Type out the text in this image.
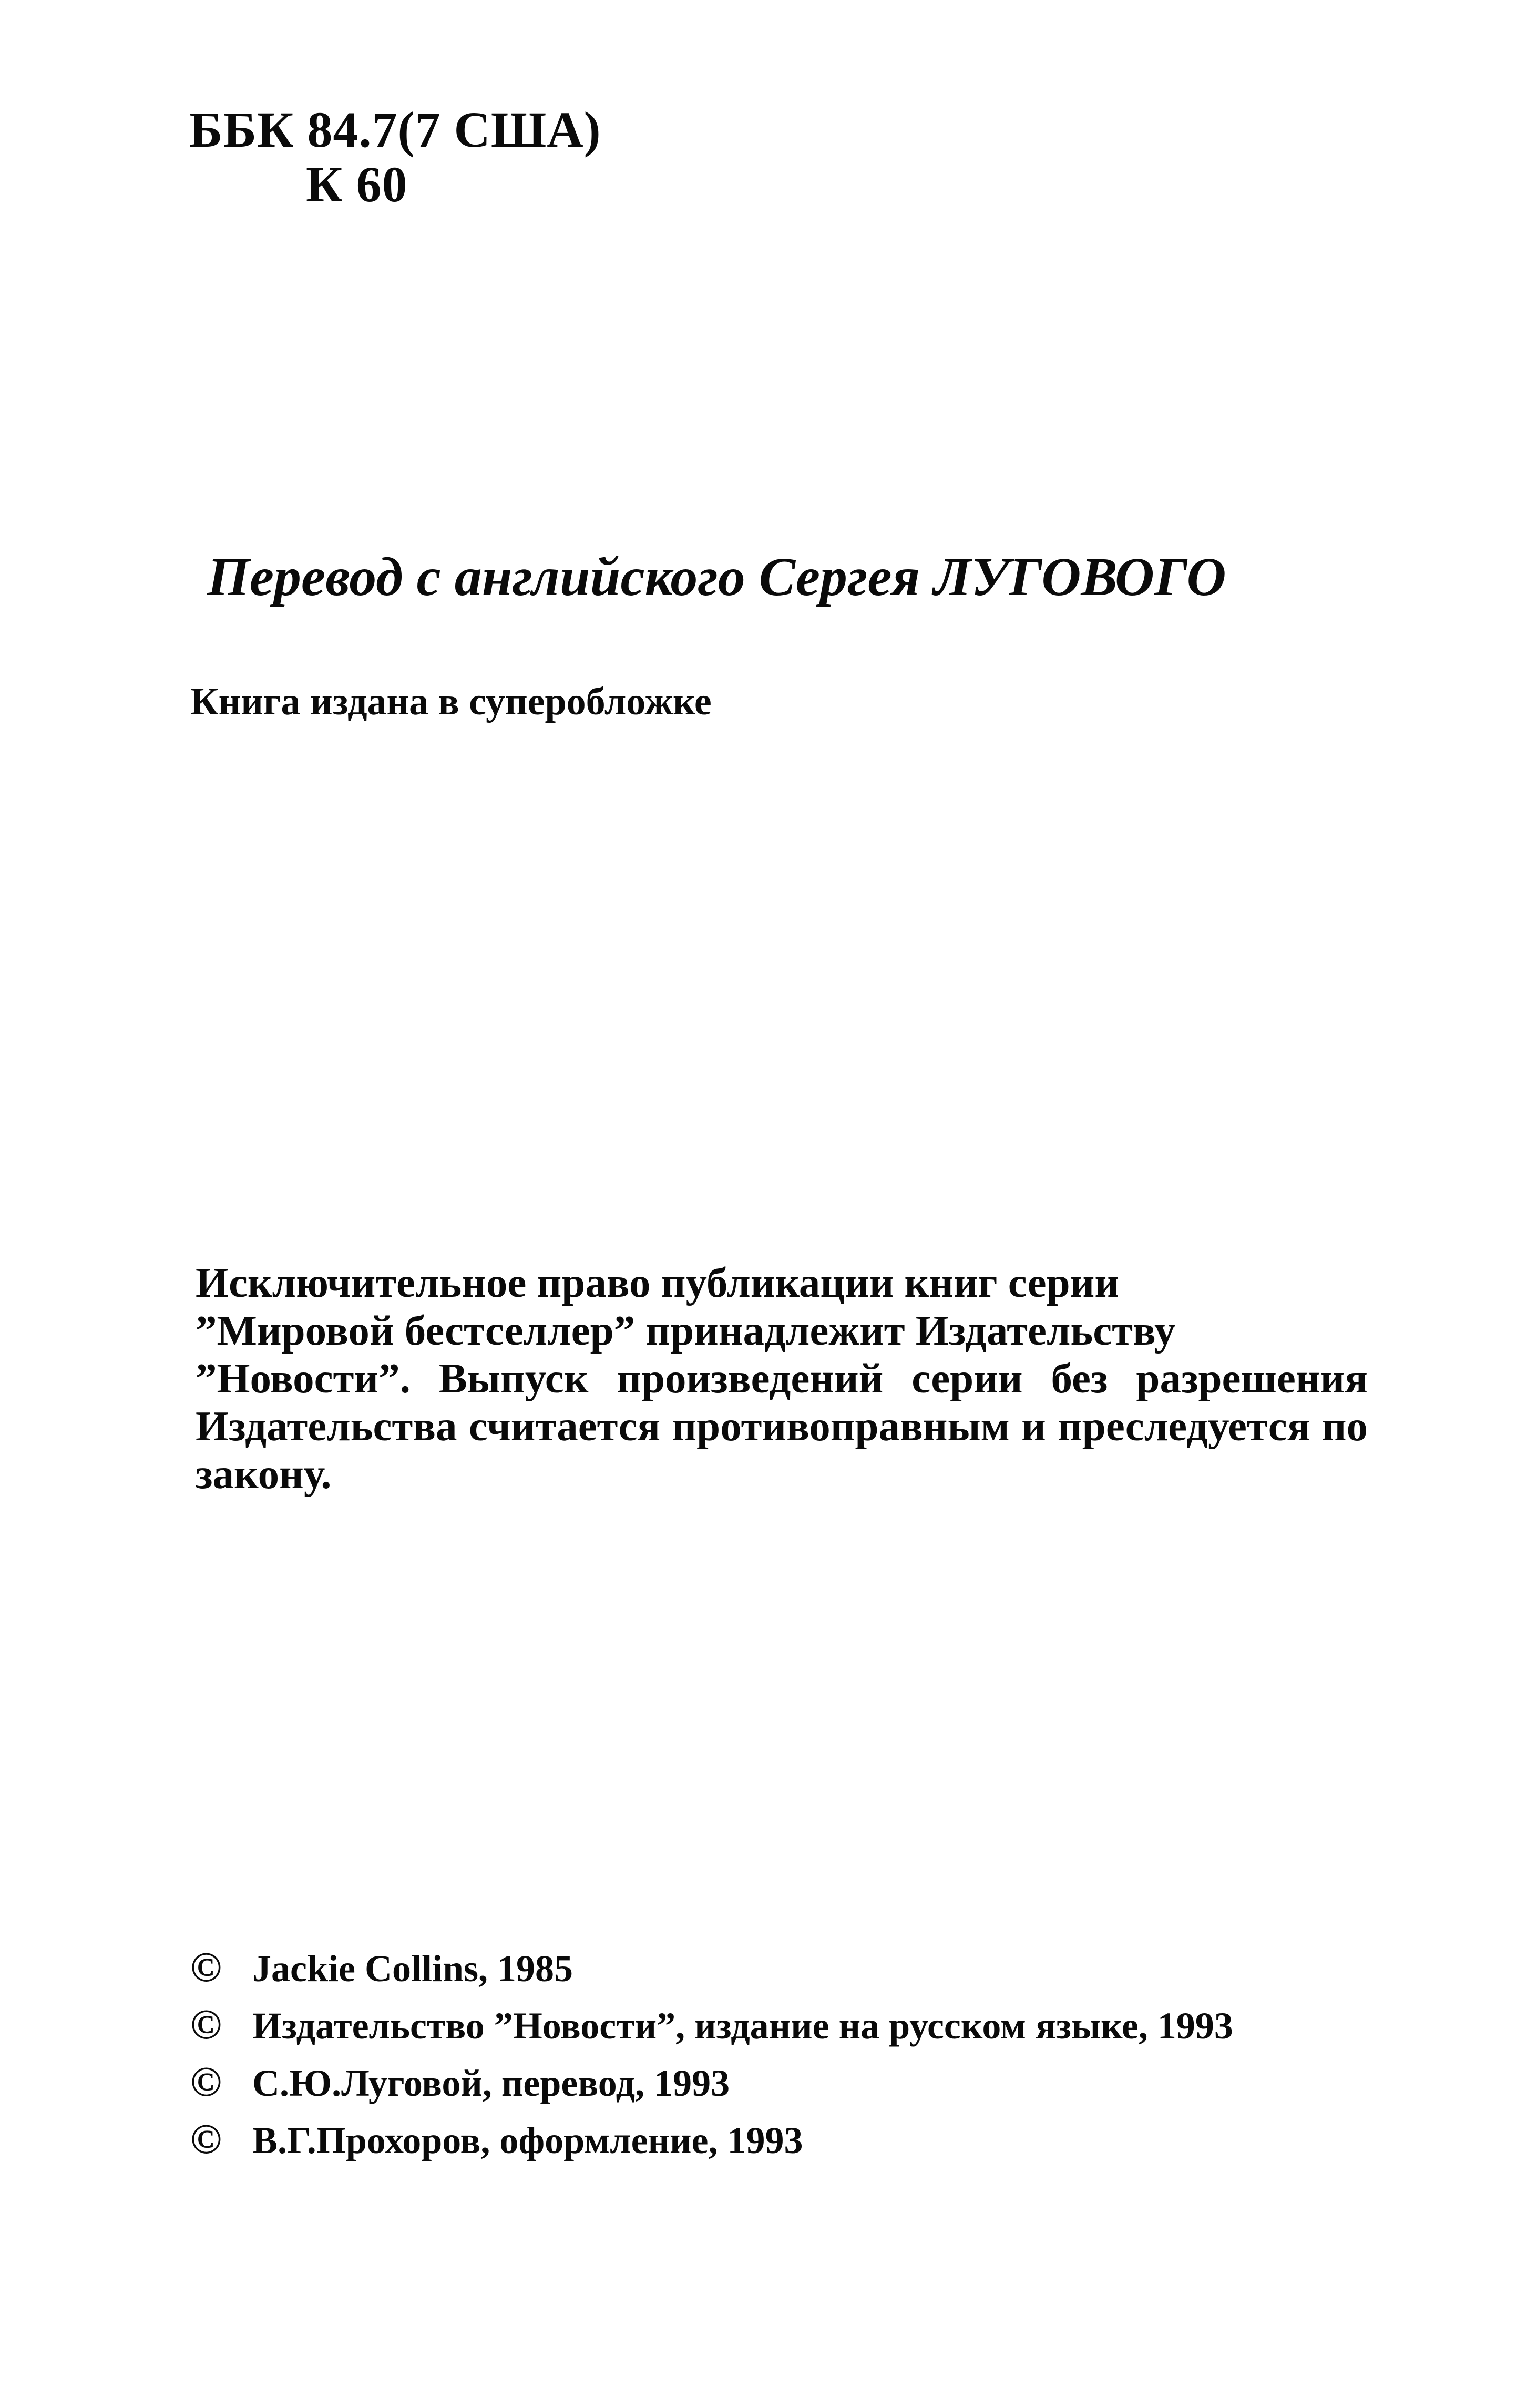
ББК 84.7(7 США)
К 60
Перевод с английского Сергея ЛУГОВОГО
Книга издана в суперобложке
Исключительное право публикации книг серии
”Мировой бестселлер” принадлежит Издательству
”Новости”. Выпуск произведений серии без разрешения
Издательства считается противоправным и преследуется по
закону.
© Jackie Collins, 1985
© Издательство ”Новости”, издание на русском языке, 1993
© С.Ю.Луговой, перевод, 1993
© В.Г.Прохоров, оформление, 1993
